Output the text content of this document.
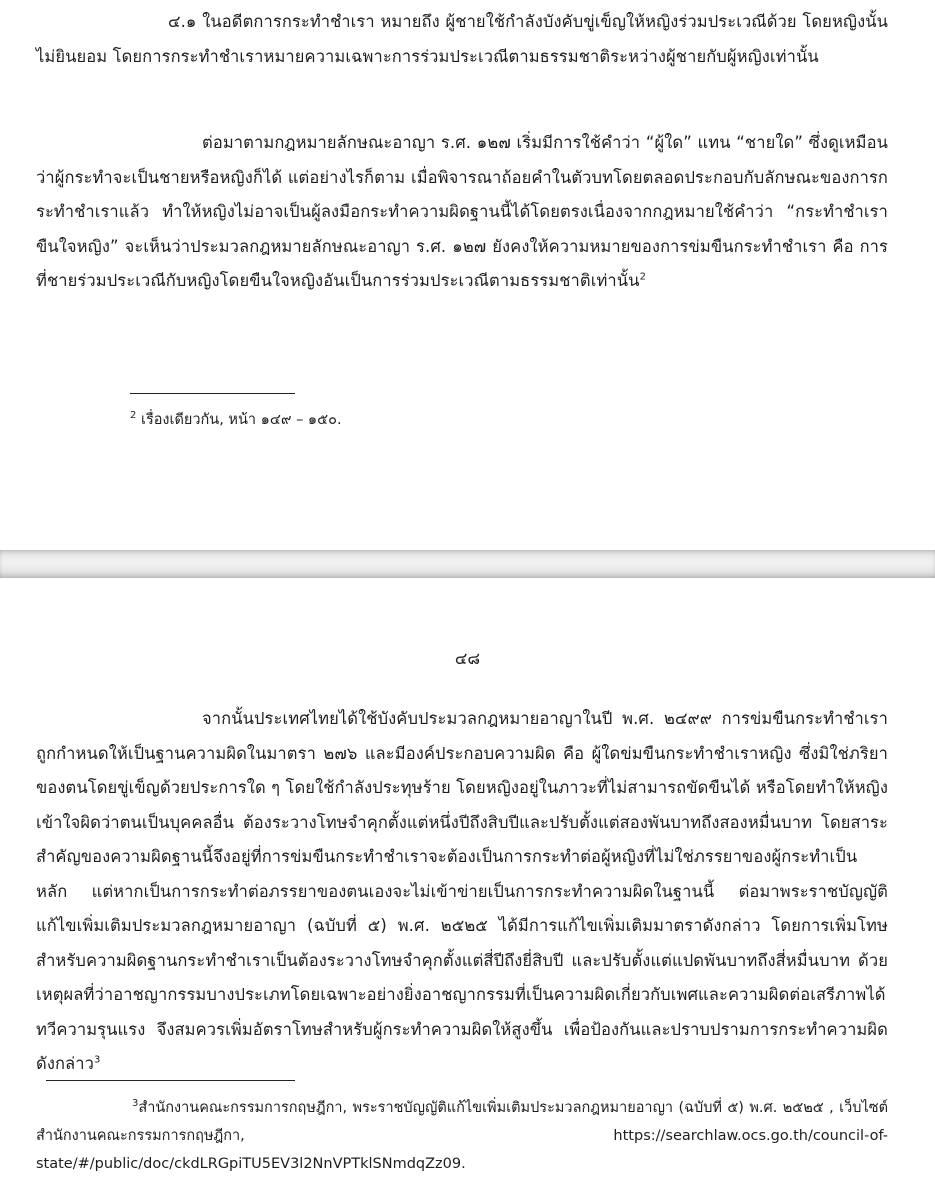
๔.๑ ในอดีตการกระทำชำเรา หมายถึง ผู้ชายใช้กำลังบังคับขู่เข็ญให้หญิงร่วมประเวณีด้วย โดยหญิงนั้นไม่ยินยอม โดยการกระทำชำเราหมายความเฉพาะการร่วมประเวณีตามธรรมชาติระหว่างผู้ชายกับผู้หญิงเท่านั้น

ต่อมาตามกฎหมายลักษณะอาญา ร.ศ. ๑๒๗ เริ่มมีการใช้คำว่า “ผู้ใด” แทน “ชายใด” ซึ่งดูเหมือนว่าผู้กระทำจะเป็นชายหรือหญิงก็ได้ แต่อย่างไรก็ตาม เมื่อพิจารณาถ้อยคำในตัวบทโดยตลอดประกอบกับลักษณะของการกระทำชำเราแล้ว ทำให้หญิงไม่อาจเป็นผู้ลงมือกระทำความผิดฐานนี้ได้โดยตรงเนื่องจากกฎหมายใช้คำว่า “กระทำชำเราขืนใจหญิง” จะเห็นว่าประมวลกฎหมายลักษณะอาญา ร.ศ. ๑๒๗ ยังคงให้ความหมายของการข่มขืนกระทำชำเรา คือ การที่ชายร่วมประเวณีกับหญิงโดยขืนใจหญิงอันเป็นการร่วมประเวณีตามธรรมชาติเท่านั้น$^2$

$^2$ เรื่องเดียวกัน, หน้า ๑๔๙ – ๑๕๐.

๔๘

จากนั้นประเทศไทยได้ใช้บังคับประมวลกฎหมายอาญาในปี พ.ศ. ๒๔๙๙ การข่มขืนกระทำชำเราถูกกำหนดให้เป็นฐานความผิดในมาตรา ๒๗๖ และมีองค์ประกอบความผิด คือ ผู้ใดข่มขืนกระทำชำเราหญิง ซึ่งมิใช่ภริยาของตนโดยขู่เข็ญด้วยประการใด ๆ โดยใช้กำลังประทุษร้าย โดยหญิงอยู่ในภาวะที่ไม่สามารถขัดขืนได้ หรือโดยทำให้หญิงเข้าใจผิดว่าตนเป็นบุคคลอื่น ต้องระวางโทษจำคุกตั้งแต่หนึ่งปีถึงสิบปีและปรับตั้งแต่สองพันบาทถึงสองหมื่นบาท โดยสาระสำคัญของความผิดฐานนี้จึงอยู่ที่การข่มขืนกระทำชำเราจะต้องเป็นการกระทำต่อผู้หญิงที่ไม่ใช่ภรรยาของผู้กระทำเป็นหลัก แต่หากเป็นการกระทำต่อภรรยาของตนเองจะไม่เข้าข่ายเป็นการกระทำความผิดในฐานนี้ ต่อมาพระราชบัญญัติแก้ไขเพิ่มเติมประมวลกฎหมายอาญา (ฉบับที่ ๕) พ.ศ. ๒๕๒๕ ได้มีการแก้ไขเพิ่มเติมมาตราดังกล่าว โดยการเพิ่มโทษสำหรับความผิดฐานกระทำชำเราเป็นต้องระวางโทษจำคุกตั้งแต่สี่ปีถึงยี่สิบปี และปรับตั้งแต่แปดพันบาทถึงสี่หมื่นบาท ด้วยเหตุผลที่ว่าอาชญากรรมบางประเภทโดยเฉพาะอย่างยิ่งอาชญากรรมที่เป็นความผิดเกี่ยวกับเพศและความผิดต่อเสรีภาพได้ทวีความรุนแรง จึงสมควรเพิ่มอัตราโทษสำหรับผู้กระทำความผิดให้สูงขึ้น เพื่อป้องกันและปราบปรามการกระทำความผิดดังกล่าว$^3$

$^3$สำนักงานคณะกรรมการกฤษฎีกา, พระราชบัญญัติแก้ไขเพิ่มเติมประมวลกฎหมายอาญา (ฉบับที่ ๕) พ.ศ. ๒๕๒๕ , เว็บไซต์สำนักงานคณะกรรมการกฤษฎีกา, https://searchlaw.ocs.go.th/council-of-state/#/public/doc/ckdLRGpiTU5EV3l2NnVPTklSNmdqZz09.
